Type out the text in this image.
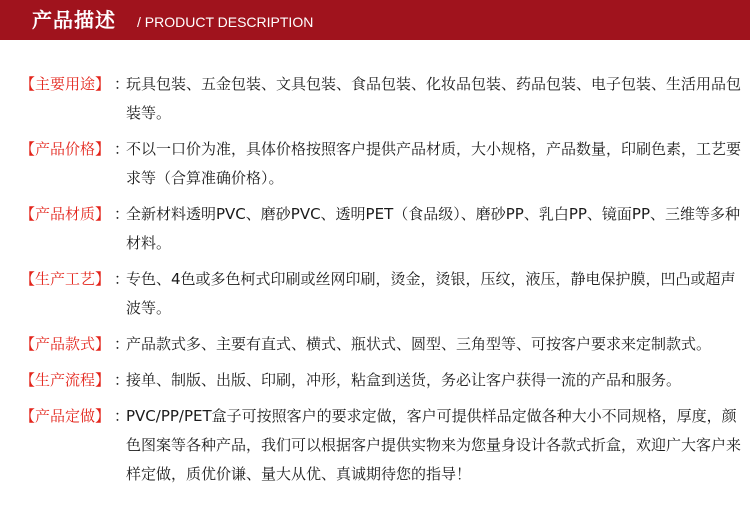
产品描述 / PRODUCT DESCRIPTION
【主要用途】 ：
玩具包装、五金包装、文具包装、食品包装、化妆品包装、药品包装、电子包装、生活用品包装等。
【产品价格】 ：
不以一口价为准，具体价格按照客户提供产品材质，大小规格，产品数量，印刷色素，工艺要求等（合算准确价格）。
【产品材质】 ：
全新材料透明PVC、磨砂PVC、透明PET（食品级）、磨砂PP、乳白PP、镜面PP、三维等多种材料。
【生产工艺】 ：
专色、4色或多色柯式印刷或丝网印刷，烫金，烫银，压纹，液压，静电保护膜，凹凸或超声波等。
【产品款式】 ：
产品款式多、主要有直式、横式、瓶状式、圆型、三角型等、可按客户要求来定制款式。
【生产流程】 ：
接单、制版、出版、印刷，冲形，粘盒到送货，务必让客户获得一流的产品和服务。
【产品定做】 ：
PVC/PP/PET盒子可按照客户的要求定做，客户可提供样品定做各种大小不同规格，厚度，颜色图案等各种产品，我们可以根据客户提供实物来为您量身设计各款式折盒，欢迎广大客户来样定做，质优价谦、量大从优、真诚期待您的指导！
